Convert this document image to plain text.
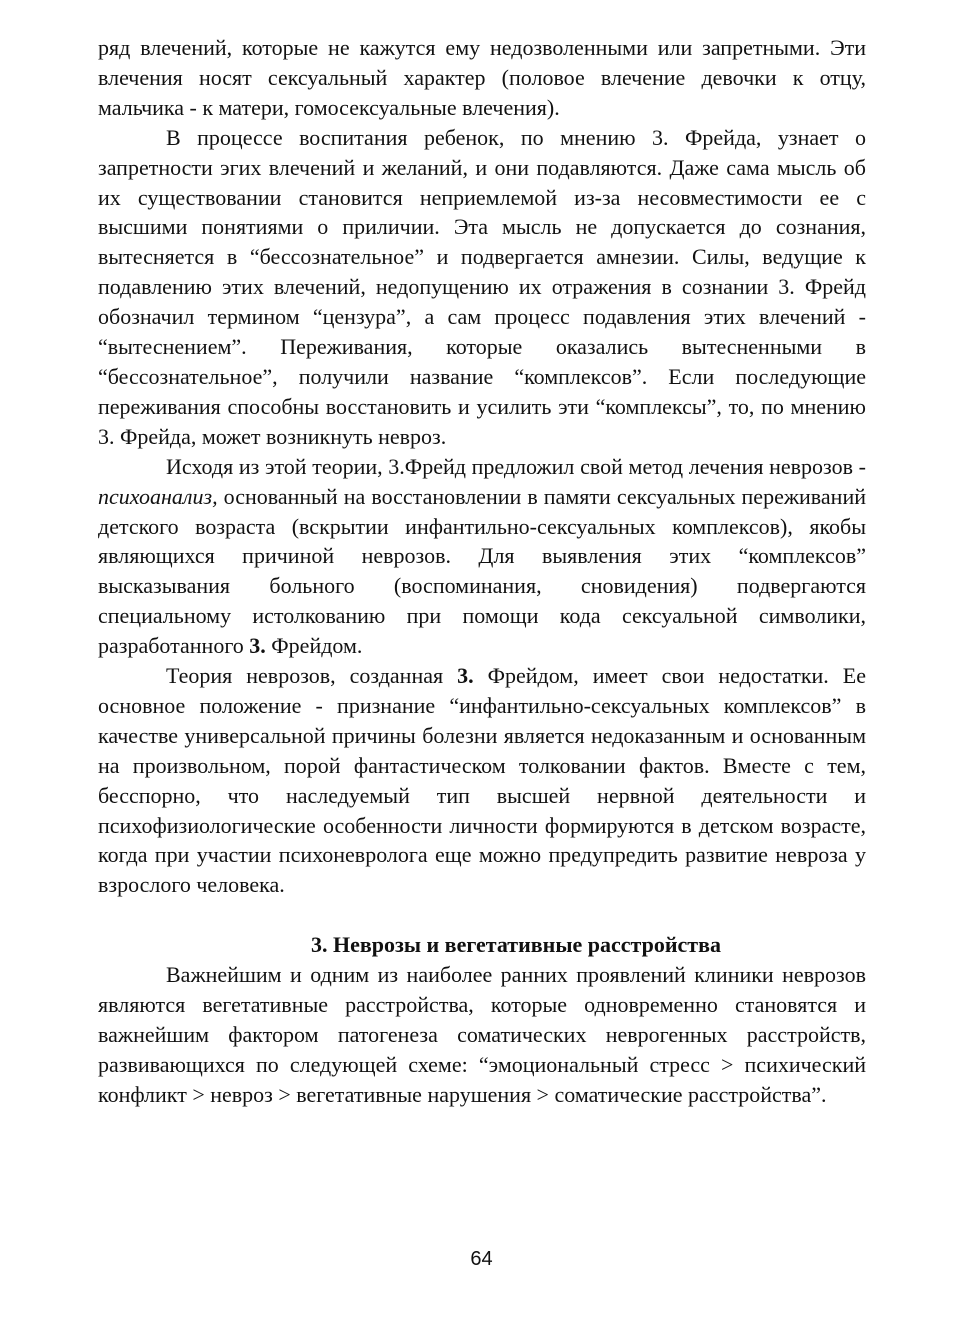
ряд влечений, которые не кажутся ему недозволенными или запретными. Эти влечения носят сексуальный характер (половое влечение девочки к отцу, мальчика - к матери, гомосексуальные влечения).

В процессе воспитания ребенок, по мнению 3. Фрейда, узнает о запретности эгих влечений и желаний, и они подавляются. Даже сама мысль об их существовании становится неприемлемой из-за несовместимости ее с высшими понятиями о приличии. Эта мысль не допускается до сознания, вытесняется в “бессознательное” и подвергается амнезии. Силы, ведущие к подавлению этих влечений, недопущению их отражения в сознании 3. Фрейд обозначил термином “цензура”, а сам процесс подавления этих влечений - “вытеснением”. Переживания, которые оказались вытесненными в “бессознательное”, получили название “комплексов”. Если последующие переживания способны восстановить и усилить эти “комплексы”, то, по мнению 3. Фрейда, может возникнуть невроз.

Исходя из этой теории, 3.Фрейд предложил свой метод лечения неврозов - психоанализ, основанный на восстановлении в памяти сексуальных переживаний детского возраста (вскрытии инфантильно-сексуальных комплексов), якобы являющихся причиной неврозов. Для выявления этих “комплексов” высказывания больного (воспоминания, сновидения) подвергаются специальному истолкованию при помощи кода сексуальной символики, разработанного 3. Фрейдом.

Теория неврозов, созданная 3. Фрейдом, имеет свои недостатки. Ее основное положение - признание “инфантильно-сексуальных комплексов” в качестве универсальной причины болезни является недоказанным и основанным на произвольном, порой фантастическом толковании фактов. Вместе с тем, бесспорно, что наследуемый тип высшей нервной деятельности и психофизиологические особенности личности формируются в детском возрасте, когда при участии психоневролога еще можно предупредить развитие невроза у взрослого человека.

3. Неврозы и вегетативные расстройства

Важнейшим и одним из наиболее ранних проявлений клиники неврозов являются вегетативные расстройства, которые одновременно становятся и важнейшим фактором патогенеза соматических неврогенных расстройств, развивающихся по следующей схеме: “эмоциональный стресс > психический конфликт > невроз > вегетативные нарушения > соматические расстройства”.

64
